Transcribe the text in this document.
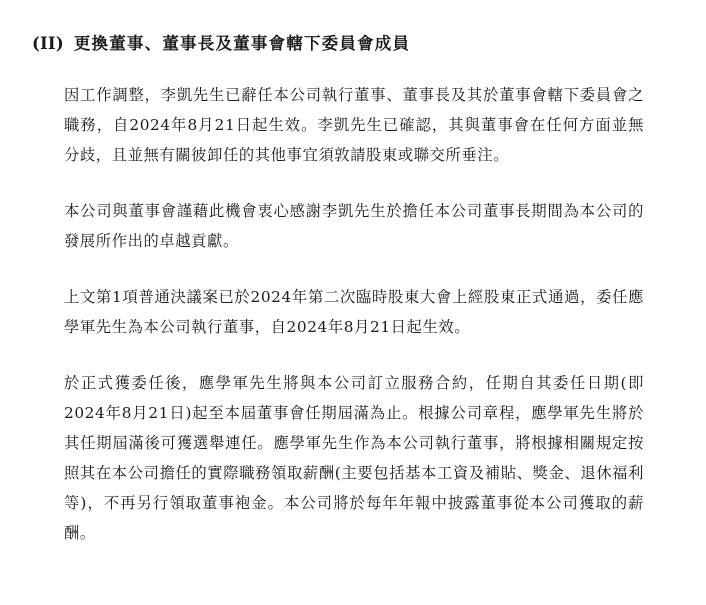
(II) 更換董事、董事長及董事會轄下委員會成員

因工作調整，李凱先生已辭任本公司執行董事、董事長及其於董事會轄下委員會之職務，自2024年8月21日起生效。李凱先生已確認，其與董事會在任何方面並無分歧，且並無有關彼卸任的其他事宜須敦請股東或聯交所垂注。

本公司與董事會謹藉此機會衷心感謝李凱先生於擔任本公司董事長期間為本公司的發展所作出的卓越貢獻。

上文第1項普通決議案已於2024年第二次臨時股東大會上經股東正式通過，委任應學軍先生為本公司執行董事，自2024年8月21日起生效。

於正式獲委任後，應學軍先生將與本公司訂立服務合約，任期自其委任日期(即2024年8月21日)起至本屆董事會任期屆滿為止。根據公司章程，應學軍先生將於其任期屆滿後可獲選舉連任。應學軍先生作為本公司執行董事，將根據相關規定按照其在本公司擔任的實際職務領取薪酬(主要包括基本工資及補貼、獎金、退休福利等)，不再另行領取董事袍金。本公司將於每年年報中披露董事從本公司獲取的薪酬。
